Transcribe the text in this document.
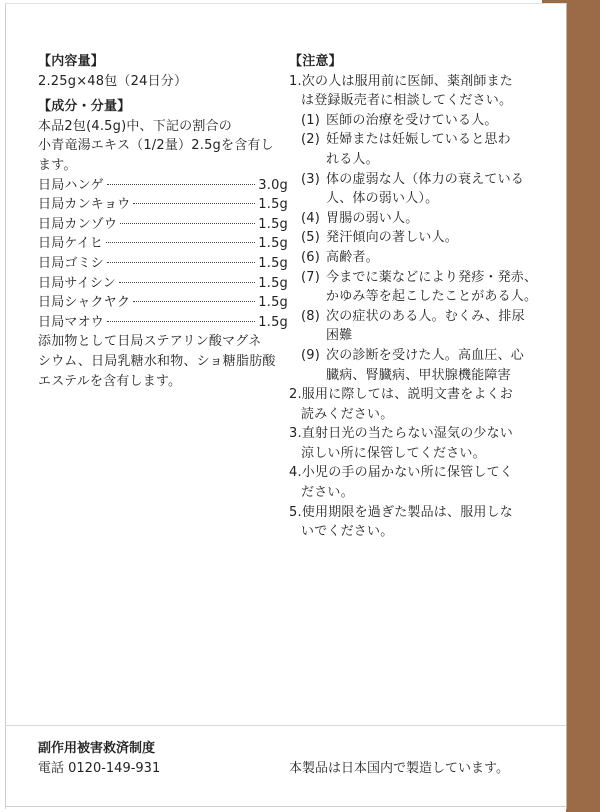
【内容量】

2.25g×48包（24日分）

【成分・分量】

本品2包(4.5g)中、下記の割合の

小青竜湯エキス（1/2量）2.5gを含有し

ます。

日局ハンゲ	3.0g
日局カンキョウ	1.5g
日局カンゾウ	1.5g
日局ケイヒ	1.5g
日局ゴミシ	1.5g
日局サイシン	1.5g
日局シャクヤク	1.5g
日局マオウ	1.5g

添加物として日局ステアリン酸マグネ

シウム、日局乳糖水和物、ショ糖脂肪酸

エステルを含有します。

【注意】

1.次の人は服用前に医師、薬剤師また

は登録販売者に相談してください。

(1) 医師の治療を受けている人。

(2) 妊婦または妊娠していると思わ

れる人。

(3) 体の虚弱な人（体力の衰えている

人、体の弱い人）。

(4) 胃腸の弱い人。

(5) 発汗傾向の著しい人。

(6) 高齢者。

(7) 今までに薬などにより発疹・発赤、

かゆみ等を起こしたことがある人。

(8) 次の症状のある人。むくみ、排尿

困難

(9) 次の診断を受けた人。高血圧、心

臓病、腎臓病、甲状腺機能障害

2.服用に際しては、説明文書をよくお

読みください。

3.直射日光の当たらない湿気の少ない

涼しい所に保管してください。

4.小児の手の届かない所に保管してく

ださい。

5.使用期限を過ぎた製品は、服用しな

いでください。

副作用被害救済制度

電話 0120-149-931	本製品は日本国内で製造しています。
